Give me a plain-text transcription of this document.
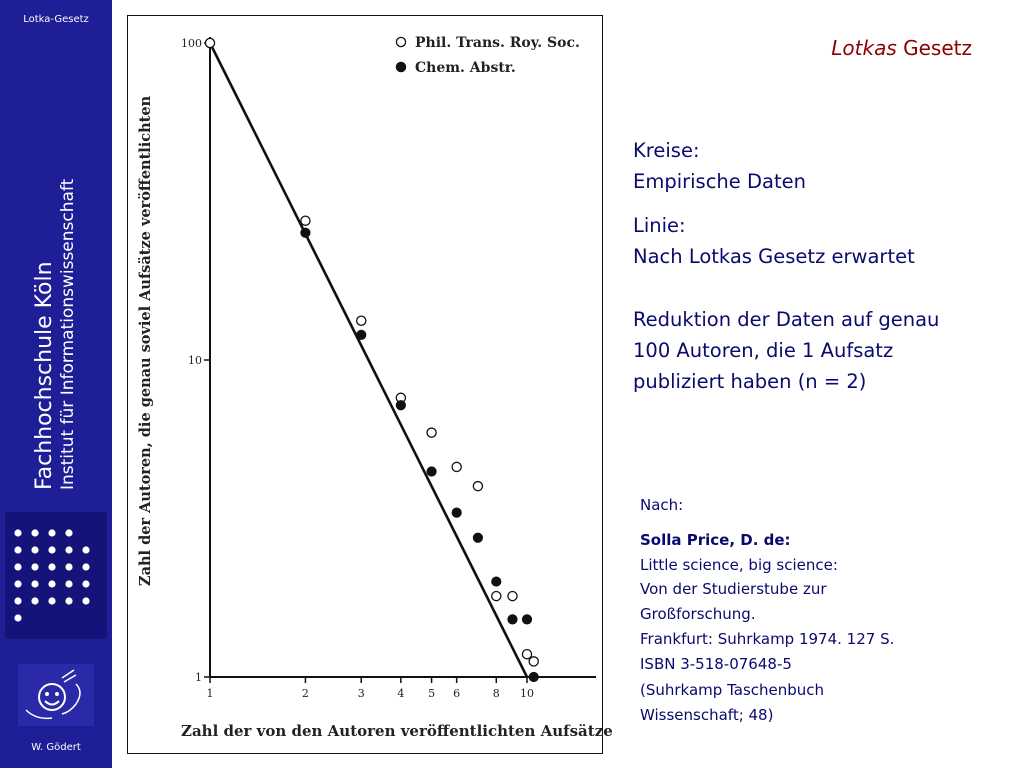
Lotka-Gesetz
Fachhochschule Köln Institut für Informationswissenschaft
W. Gödert
1
10
100
1	2	3	4 5 6	8 10
Phil. Trans. Roy. Soc.
Chem. Abstr.
Zahl der Autoren, die genau soviel Aufsätze veröffentlichten
Zahl der von den Autoren veröffentlichten Aufsätze
Lotkas Gesetz
Kreise:
Empirische Daten
Linie:
Nach Lotkas Gesetz erwartet
Reduktion der Daten auf genau
100 Autoren, die 1 Aufsatz
publiziert haben (n = 2)
Nach:
Solla Price, D. de:
Little science, big science:
Von der Studierstube zur
Großforschung.
Frankfurt: Suhrkamp 1974. 127 S.
ISBN 3-518-07648-5
(Suhrkamp Taschenbuch
Wissenschaft; 48)
